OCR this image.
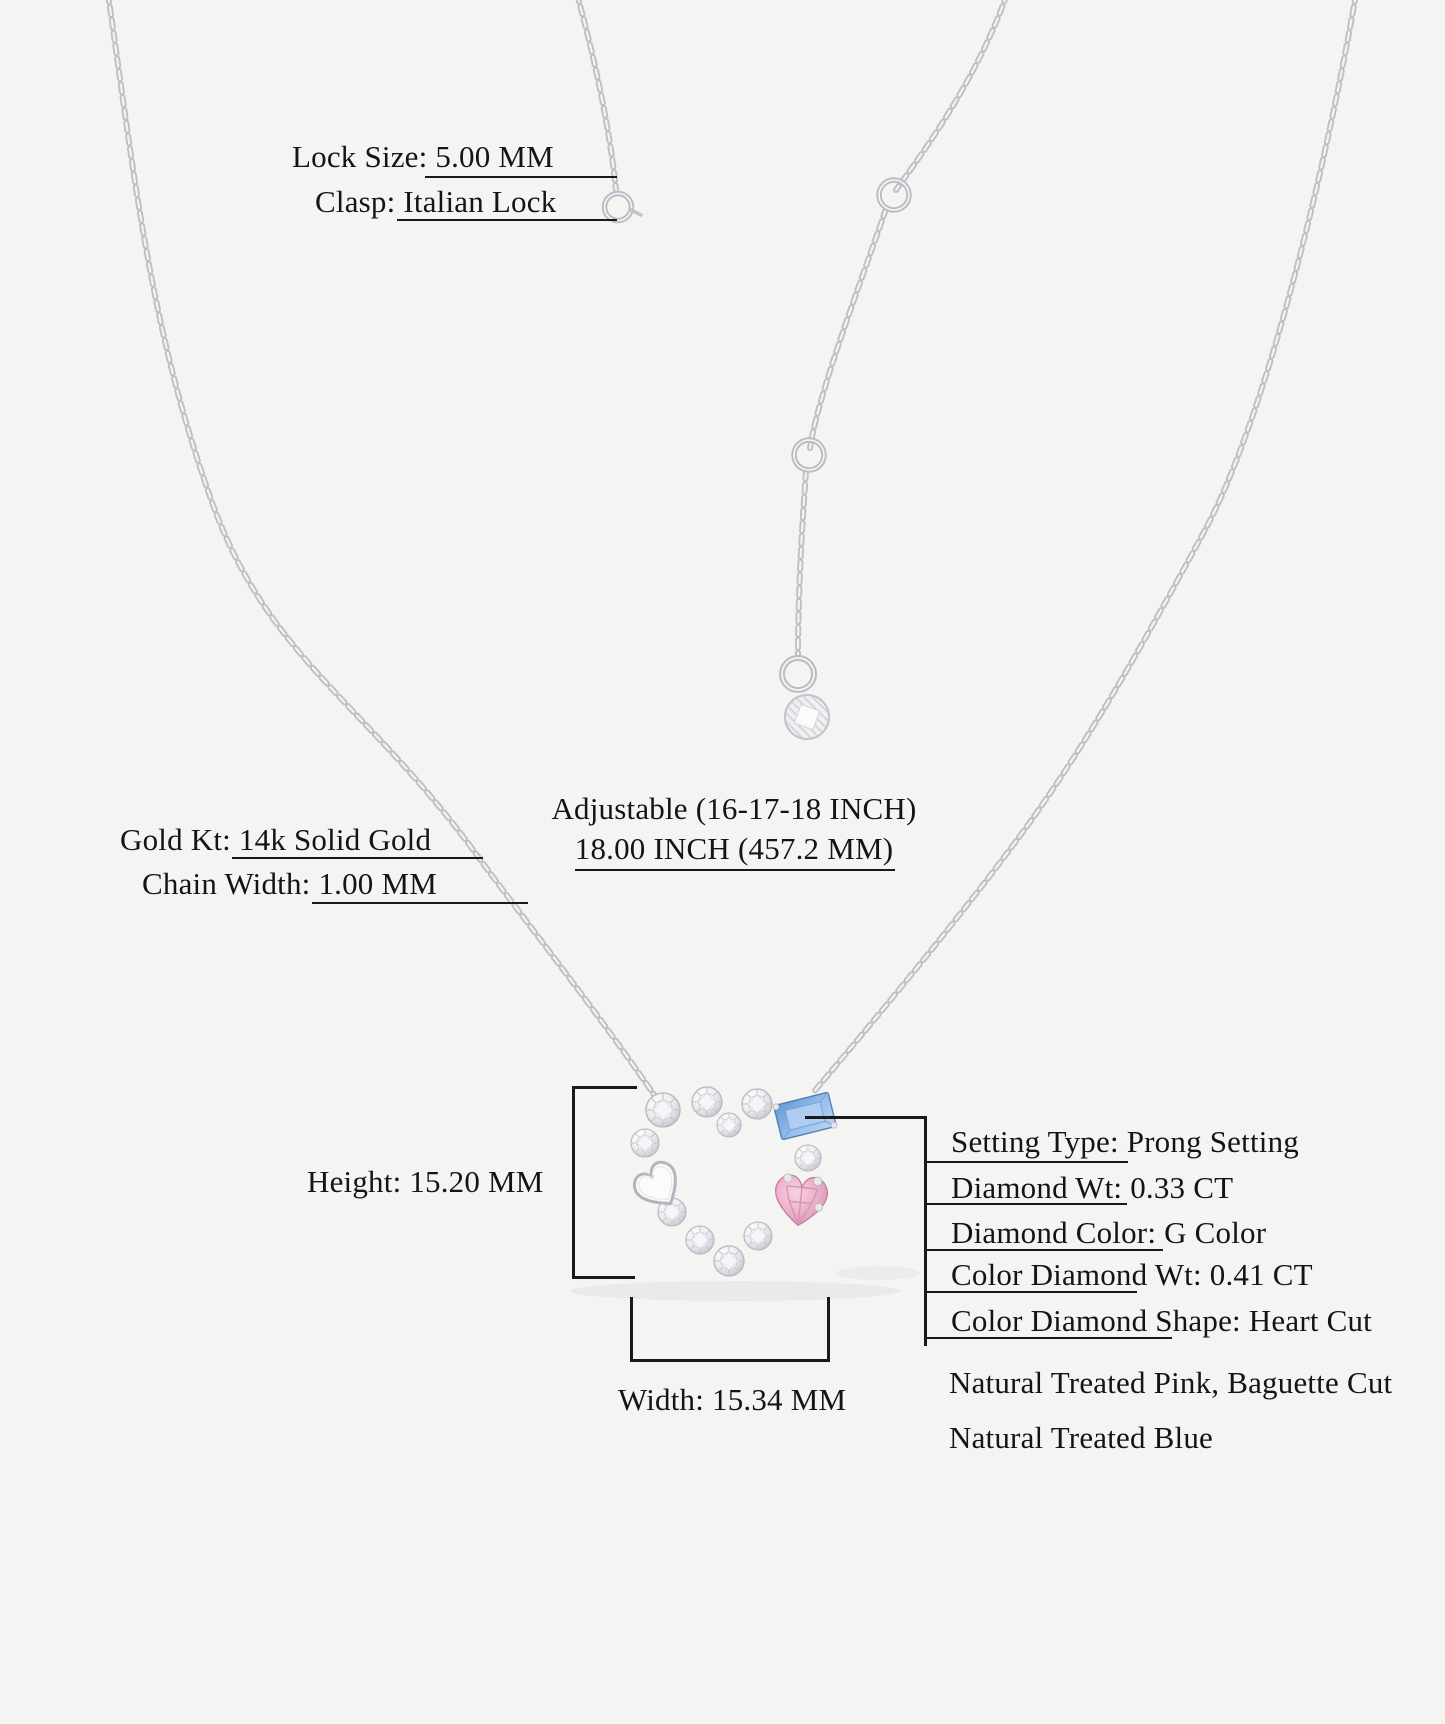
Lock Size: 5.00 MM
Clasp: Italian Lock
Gold Kt: 14k Solid Gold
Chain Width: 1.00 MM
Adjustable (16-17-18 INCH)
18.00 INCH (457.2 MM)
Height: 15.20 MM
Width: 15.34 MM
Setting Type: Prong Setting
Diamond Wt: 0.33 CT
Diamond Color: G Color
Color Diamond Wt: 0.41 CT
Color Diamond Shape: Heart Cut
Natural Treated Pink, Baguette Cut
Natural Treated Blue
